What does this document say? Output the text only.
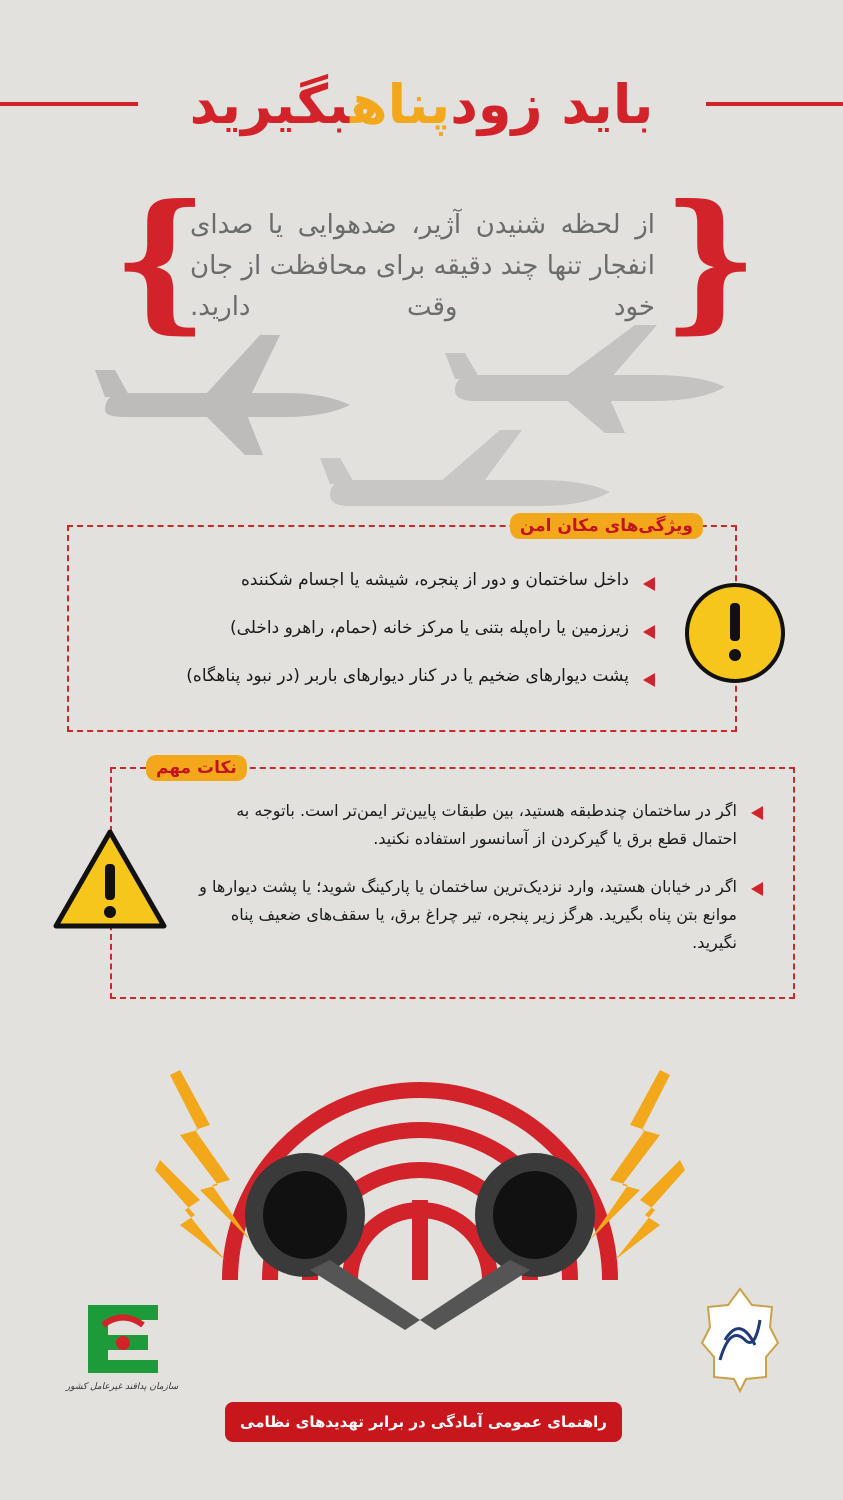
باید زودپناهبگیرید
}
{
از لحظه شنیدن آژیر، ضدهوایی یا صدای انفجار تنها چند دقیقه برای محافظت از جان خود وقت دارید.
ویژگی‌های مکان امن
داخل ساختمان و دور از پنجره، شیشه یا اجسام شکننده
زیرزمین یا راه‌پله بتنی یا مرکز خانه (حمام، راهرو داخلی)
پشت دیوارهای ضخیم یا در کنار دیوارهای باربر (در نبود پناهگاه)
نکات مهم
اگر در ساختمان چندطبقه هستید، بین طبقات پایین‌تر ایمن‌تر است. باتوجه به احتمال قطع برق یا گیرکردن از آسانسور استفاده نکنید.
اگر در خیابان هستید، وارد نزدیک‌ترین ساختمان یا پارکینگ شوید؛ یا پشت دیوارها و موانع بتن پناه بگیرید. هرگز زیر پنجره، تیر چراغ برق، یا سقف‌های ضعیف پناه نگیرید.
سازمان پدافند غیرعامل کشور
راهنمای عمومی آمادگی در برابر تهدیدهای نظامی
